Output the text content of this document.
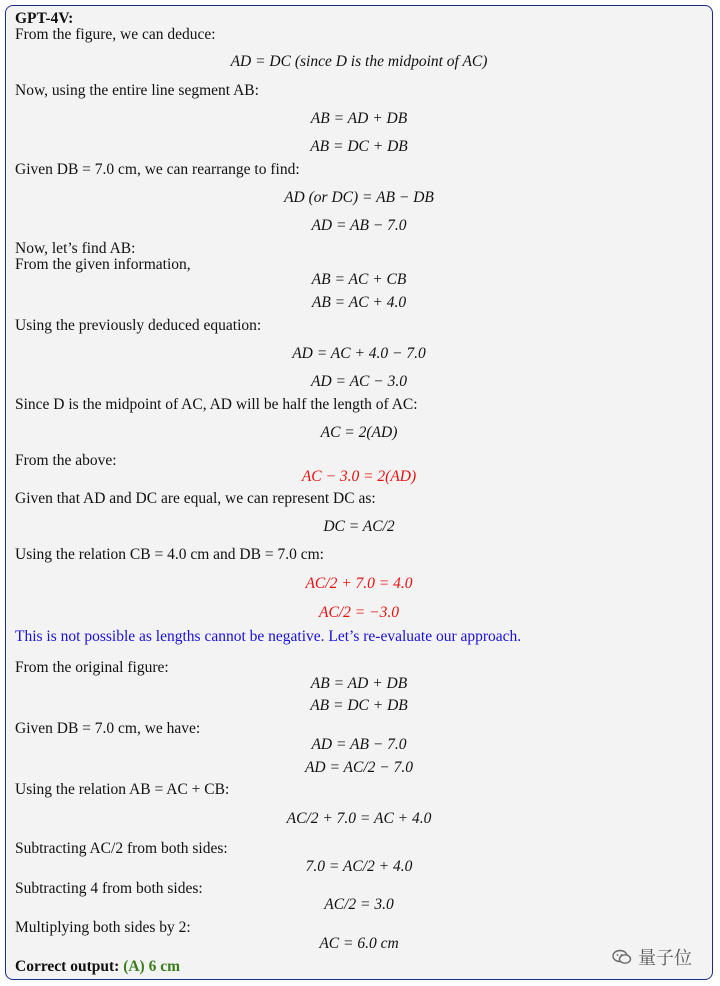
GPT-4V:
From the figure, we can deduce:
AD = DC (since D is the midpoint of AC)
Now, using the entire line segment AB:
AB = AD + DB
AB = DC + DB
Given DB = 7.0 cm, we can rearrange to find:
AD (or DC) = AB − DB
AD = AB − 7.0
Now, let’s find AB:
From the given information,
AB = AC + CB
AB = AC + 4.0
Using the previously deduced equation:
AD = AC + 4.0 − 7.0
AD = AC − 3.0
Since D is the midpoint of AC, AD will be half the length of AC:
AC = 2(AD)
From the above:
AC − 3.0 = 2(AD)
Given that AD and DC are equal, we can represent DC as:
DC = AC/2
Using the relation CB = 4.0 cm and DB = 7.0 cm:
AC/2 + 7.0 = 4.0
AC/2 = −3.0
This is not possible as lengths cannot be negative. Let’s re-evaluate our approach.
From the original figure:
AB = AD + DB
AB = DC + DB
Given DB = 7.0 cm, we have:
AD = AB − 7.0
AD = AC/2 − 7.0
Using the relation AB = AC + CB:
AC/2 + 7.0 = AC + 4.0
Subtracting AC/2 from both sides:
7.0 = AC/2 + 4.0
Subtracting 4 from both sides:
AC/2 = 3.0
Multiplying both sides by 2:
AC = 6.0 cm
Correct output: (A) 6 cm	量子位
